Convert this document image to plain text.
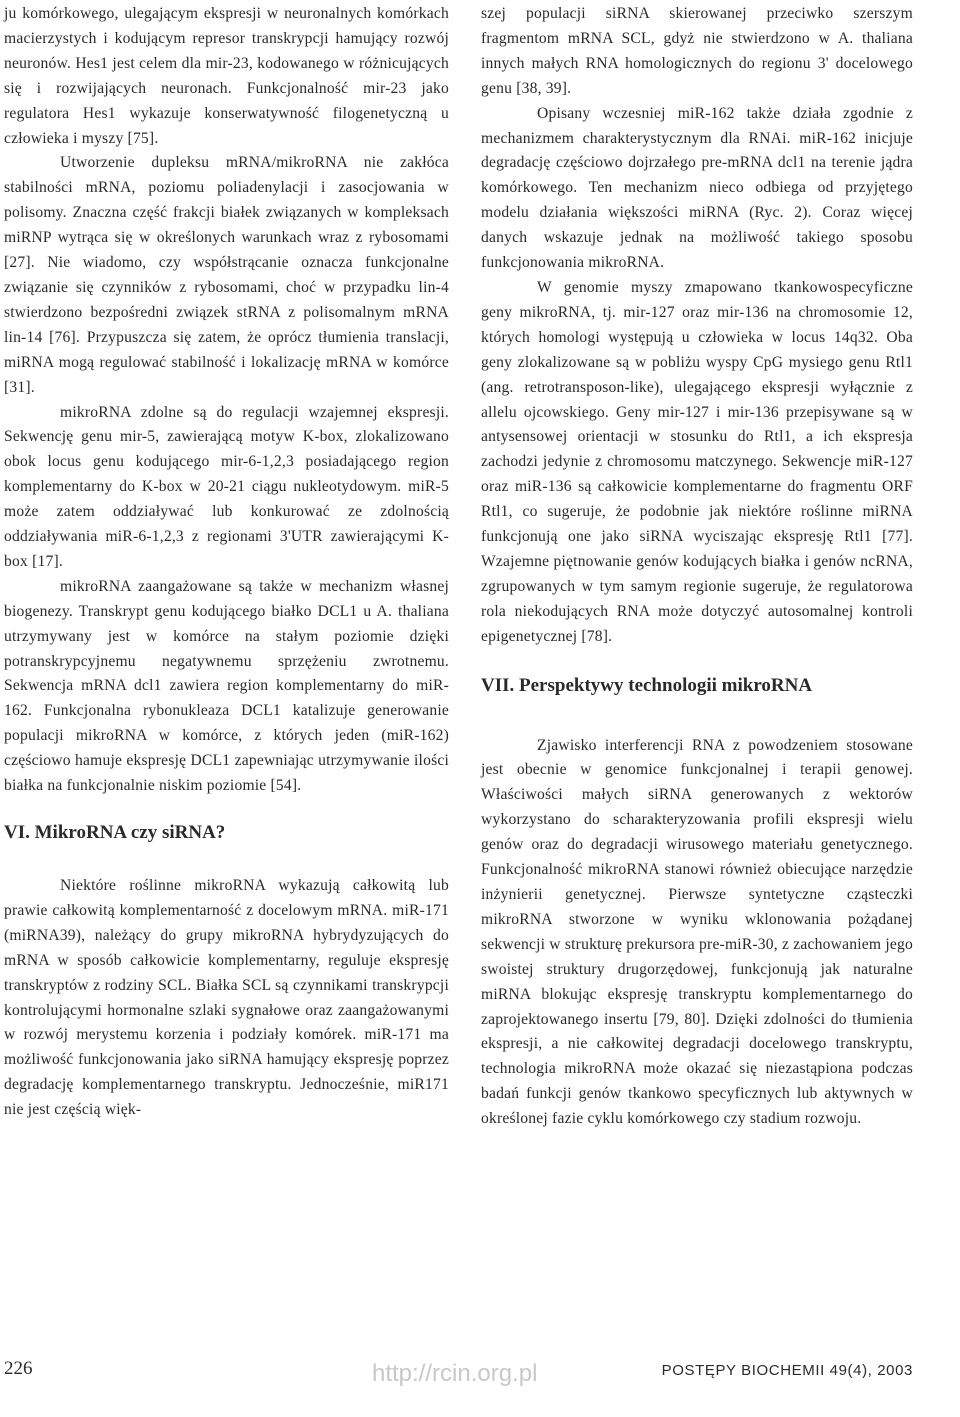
ju komórkowego, ulegającym ekspresji w neuronalnych komórkach macierzystych i kodującym represor transkrypcji hamujący rozwój neuronów. Hes1 jest celem dla mir-23, kodowanego w różnicujących się i rozwijających neuronach. Funkcjonalność mir-23 jako regulatora Hes1 wykazuje konserwatywność filogenetyczną u człowieka i myszy [75].

Utworzenie dupleksu mRNA/mikroRNA nie zakłóca stabilności mRNA, poziomu poliadenylacji i zasocjowania w polisomy. Znaczna część frakcji białek związanych w kompleksach miRNP wytrąca się w określonych warunkach wraz z rybosomami [27]. Nie wiadomo, czy współstrącanie oznacza funkcjonalne związanie się czynników z rybosomami, choć w przypadku lin-4 stwierdzono bezpośredni związek stRNA z polisomalnym mRNA lin-14 [76]. Przypuszcza się zatem, że oprócz tłumienia translacji, miRNA mogą regulować stabilność i lokalizację mRNA w komórce [31].

mikroRNA zdolne są do regulacji wzajemnej ekspresji. Sekwencję genu mir-5, zawierającą motyw K-box, zlokalizowano obok locus genu kodującego mir-6-1,2,3 posiadającego region komplementarny do K-box w 20-21 ciągu nukleotydowym. miR-5 może zatem oddziaływać lub konkurować ze zdolnością oddziaływania miR-6-1,2,3 z regionami 3'UTR zawierającymi K-box [17].

mikroRNA zaangażowane są także w mechanizm własnej biogenezy. Transkrypt genu kodującego białko DCL1 u A. thaliana utrzymywany jest w komórce na stałym poziomie dzięki potranskrypcyjnemu negatywnemu sprzężeniu zwrotnemu. Sekwencja mRNA dcl1 zawiera region komplementarny do miR-162. Funkcjonalna rybonukleaza DCL1 katalizuje generowanie populacji mikroRNA w komórce, z których jeden (miR-162) częściowo hamuje ekspresję DCL1 zapewniając utrzymywanie ilości białka na funkcjonalnie niskim poziomie [54].

VI. MikroRNA czy siRNA?

Niektóre roślinne mikroRNA wykazują całkowitą lub prawie całkowitą komplementarność z docelowym mRNA. miR-171 (miRNA39), należący do grupy mikroRNA hybrydyzujących do mRNA w sposób całkowicie komplementarny, reguluje ekspresję transkryptów z rodziny SCL. Białka SCL są czynnikami transkrypcji kontrolującymi hormonalne szlaki sygnałowe oraz zaangażowanymi w rozwój merystemu korzenia i podziały komórek. miR-171 ma możliwość funkcjonowania jako siRNA hamujący ekspresję poprzez degradację komplementarnego transkryptu. Jednocześnie, miR171 nie jest częścią więk-

szej populacji siRNA skierowanej przeciwko szerszym fragmentom mRNA SCL, gdyż nie stwierdzono w A. thaliana innych małych RNA homologicznych do regionu 3' docelowego genu [38, 39].

Opisany wczesniej miR-162 także działa zgodnie z mechanizmem charakterystycznym dla RNAi. miR-162 inicjuje degradację częściowo dojrzałego pre-mRNA dcl1 na terenie jądra komórkowego. Ten mechanizm nieco odbiega od przyjętego modelu działania większości miRNA (Ryc. 2). Coraz więcej danych wskazuje jednak na możliwość takiego sposobu funkcjonowania mikroRNA.

W genomie myszy zmapowano tkankowospecyficzne geny mikroRNA, tj. mir-127 oraz mir-136 na chromosomie 12, których homologi występują u człowieka w locus 14q32. Oba geny zlokalizowane są w pobliżu wyspy CpG mysiego genu Rtl1 (ang. retrotransposon-like), ulegającego ekspresji wyłącznie z allelu ojcowskiego. Geny mir-127 i mir-136 przepisywane są w antysensowej orientacji w stosunku do Rtl1, a ich ekspresja zachodzi jedynie z chromosomu matczynego. Sekwencje miR-127 oraz miR-136 są całkowicie komplementarne do fragmentu ORF Rtl1, co sugeruje, że podobnie jak niektóre roślinne miRNA funkcjonują one jako siRNA wyciszając ekspresję Rtl1 [77]. Wzajemne piętnowanie genów kodujących białka i genów ncRNA, zgrupowanych w tym samym regionie sugeruje, że regulatorowa rola niekodujących RNA może dotyczyć autosomalnej kontroli epigenetycznej [78].

VII. Perspektywy technologii mikroRNA

Zjawisko interferencji RNA z powodzeniem stosowane jest obecnie w genomice funkcjonalnej i terapii genowej. Właściwości małych siRNA generowanych z wektorów wykorzystano do scharakteryzowania profili ekspresji wielu genów oraz do degradacji wirusowego materiału genetycznego. Funkcjonalność mikroRNA stanowi również obiecujące narzędzie inżynierii genetycznej. Pierwsze syntetyczne cząsteczki mikroRNA stworzone w wyniku wklonowania pożądanej sekwencji w strukturę prekursora pre-miR-30, z zachowaniem jego swoistej struktury drugorzędowej, funkcjonują jak naturalne miRNA blokując ekspresję transkryptu komplementarnego do zaprojektowanego insertu [79, 80]. Dzięki zdolności do tłumienia ekspresji, a nie całkowitej degradacji docelowego transkryptu, technologia mikroRNA może okazać się niezastąpiona podczas badań funkcji genów tkankowo specyficznych lub aktywnych w określonej fazie cyklu komórkowego czy stadium rozwoju.

226	http://rcin.org.pl	POSTĘPY BIOCHEMII 49(4), 2003
